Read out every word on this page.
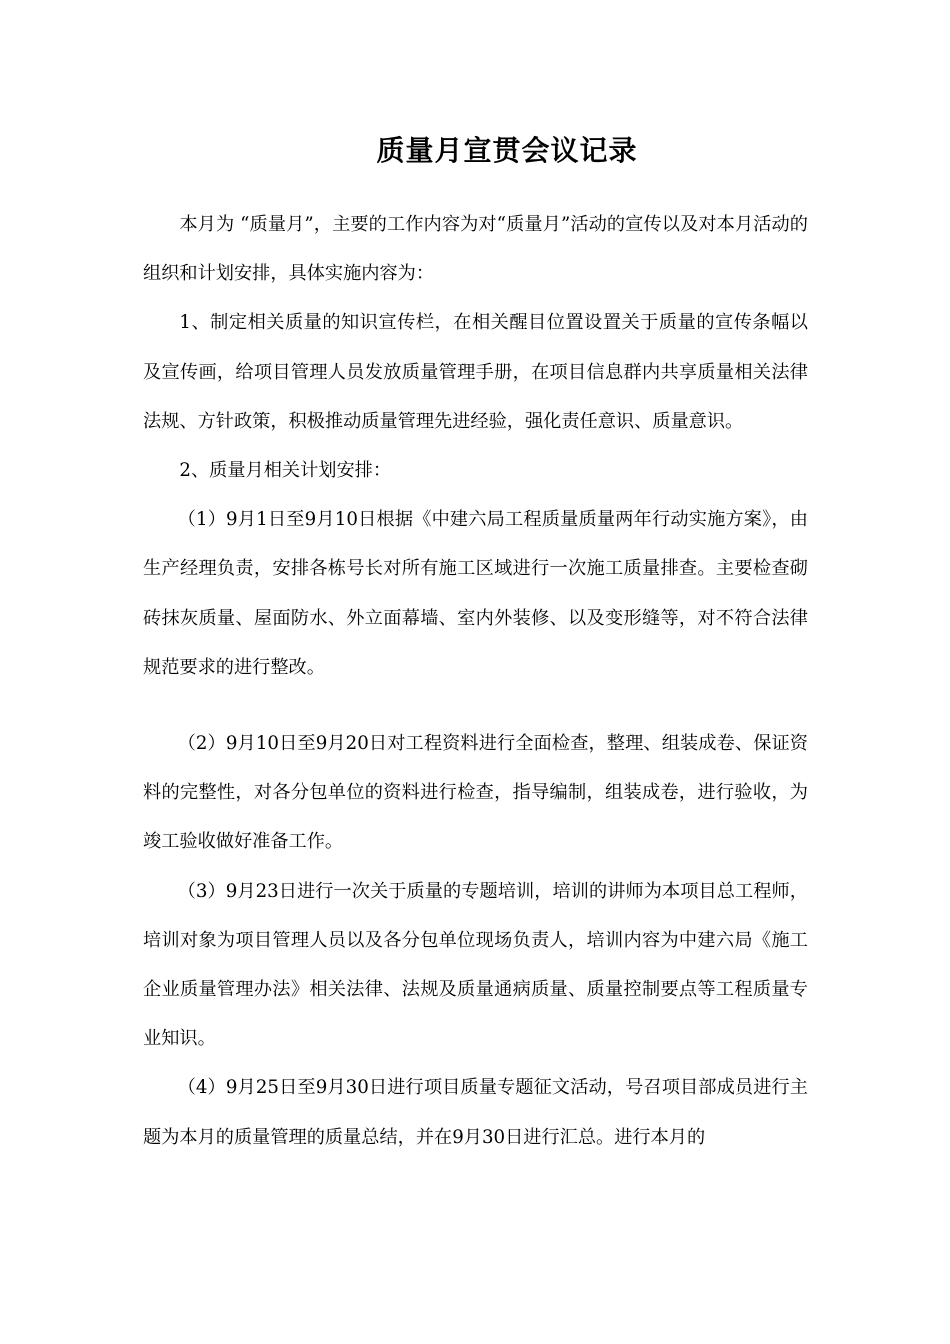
质量月宣贯会议记录

本月为 “质量月”，主要的工作内容为对“质量月”活动的宣传以及对本月活动的组织和计划安排，具体实施内容为：

1、制定相关质量的知识宣传栏，在相关醒目位置设置关于质量的宣传条幅以及宣传画，给项目管理人员发放质量管理手册，在项目信息群内共享质量相关法律法规、方针政策，积极推动质量管理先进经验，强化责任意识、质量意识。

2、质量月相关计划安排：

（1）9月1日至9月10日根据《中建六局工程质量质量两年行动实施方案》，由生产经理负责，安排各栋号长对所有施工区域进行一次施工质量排查。主要检查砌砖抹灰质量、屋面防水、外立面幕墙、室内外装修、以及变形缝等，对不符合法律规范要求的进行整改。

（2）9月10日至9月20日对工程资料进行全面检查，整理、组装成卷、保证资料的完整性，对各分包单位的资料进行检查，指导编制，组装成卷，进行验收，为竣工验收做好准备工作。

（3）9月23日进行一次关于质量的专题培训，培训的讲师为本项目总工程师，培训对象为项目管理人员以及各分包单位现场负责人，培训内容为中建六局《施工企业质量管理办法》相关法律、法规及质量通病质量、质量控制要点等工程质量专业知识。

（4）9月25日至9月30日进行项目质量专题征文活动，号召项目部成员进行主题为本月的质量管理的质量总结，并在9月30日进行汇总。进行本月的
